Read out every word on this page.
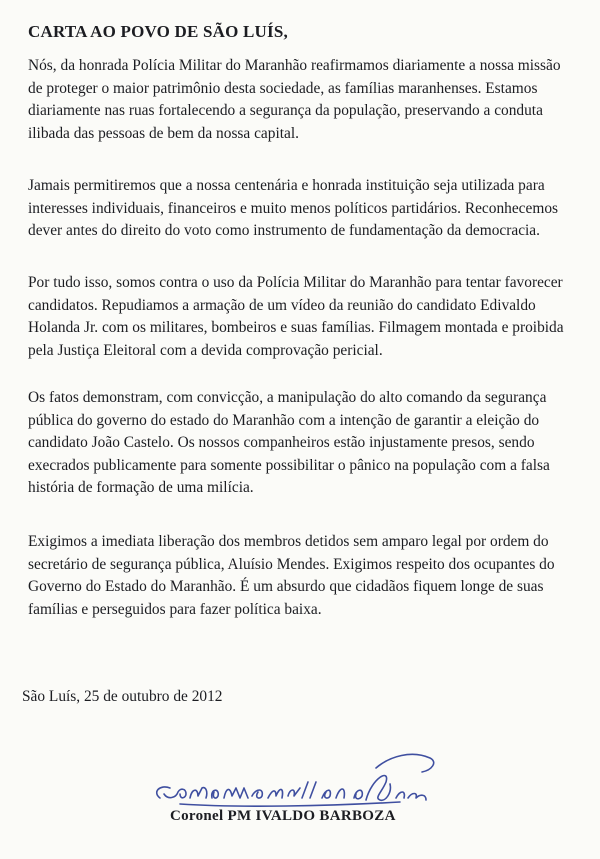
CARTA AO POVO DE SÃO LUÍS,

Nós, da honrada Polícia Militar do Maranhão reafirmamos diariamente a nossa missão
de proteger o maior patrimônio desta sociedade, as famílias maranhenses. Estamos
diariamente nas ruas fortalecendo a segurança da população, preservando a conduta
ilibada das pessoas de bem da nossa capital.

Jamais permitiremos que a nossa centenária e honrada instituição seja utilizada para
interesses individuais, financeiros e muito menos políticos partidários. Reconhecemos
dever antes do direito do voto como instrumento de fundamentação da democracia.

Por tudo isso, somos contra o uso da Polícia Militar do Maranhão para tentar favorecer
candidatos. Repudiamos a armação de um vídeo da reunião do candidato Edivaldo
Holanda Jr. com os militares, bombeiros e suas famílias. Filmagem montada e proibida
pela Justiça Eleitoral com a devida comprovação pericial.

Os fatos demonstram, com convicção, a manipulação do alto comando da segurança
pública do governo do estado do Maranhão com a intenção de garantir a eleição do
candidato João Castelo. Os nossos companheiros estão injustamente presos, sendo
execrados publicamente para somente possibilitar o pânico na população com a falsa
história de formação de uma milícia.

Exigimos a imediata liberação dos membros detidos sem amparo legal por ordem do
secretário de segurança pública, Aluísio Mendes. Exigimos respeito dos ocupantes do
Governo do Estado do Maranhão. É um absurdo que cidadãos fiquem longe de suas
famílias e perseguidos para fazer política baixa.

São Luís, 25 de outubro de 2012

Coronel PM IVALDO BARBOZA
